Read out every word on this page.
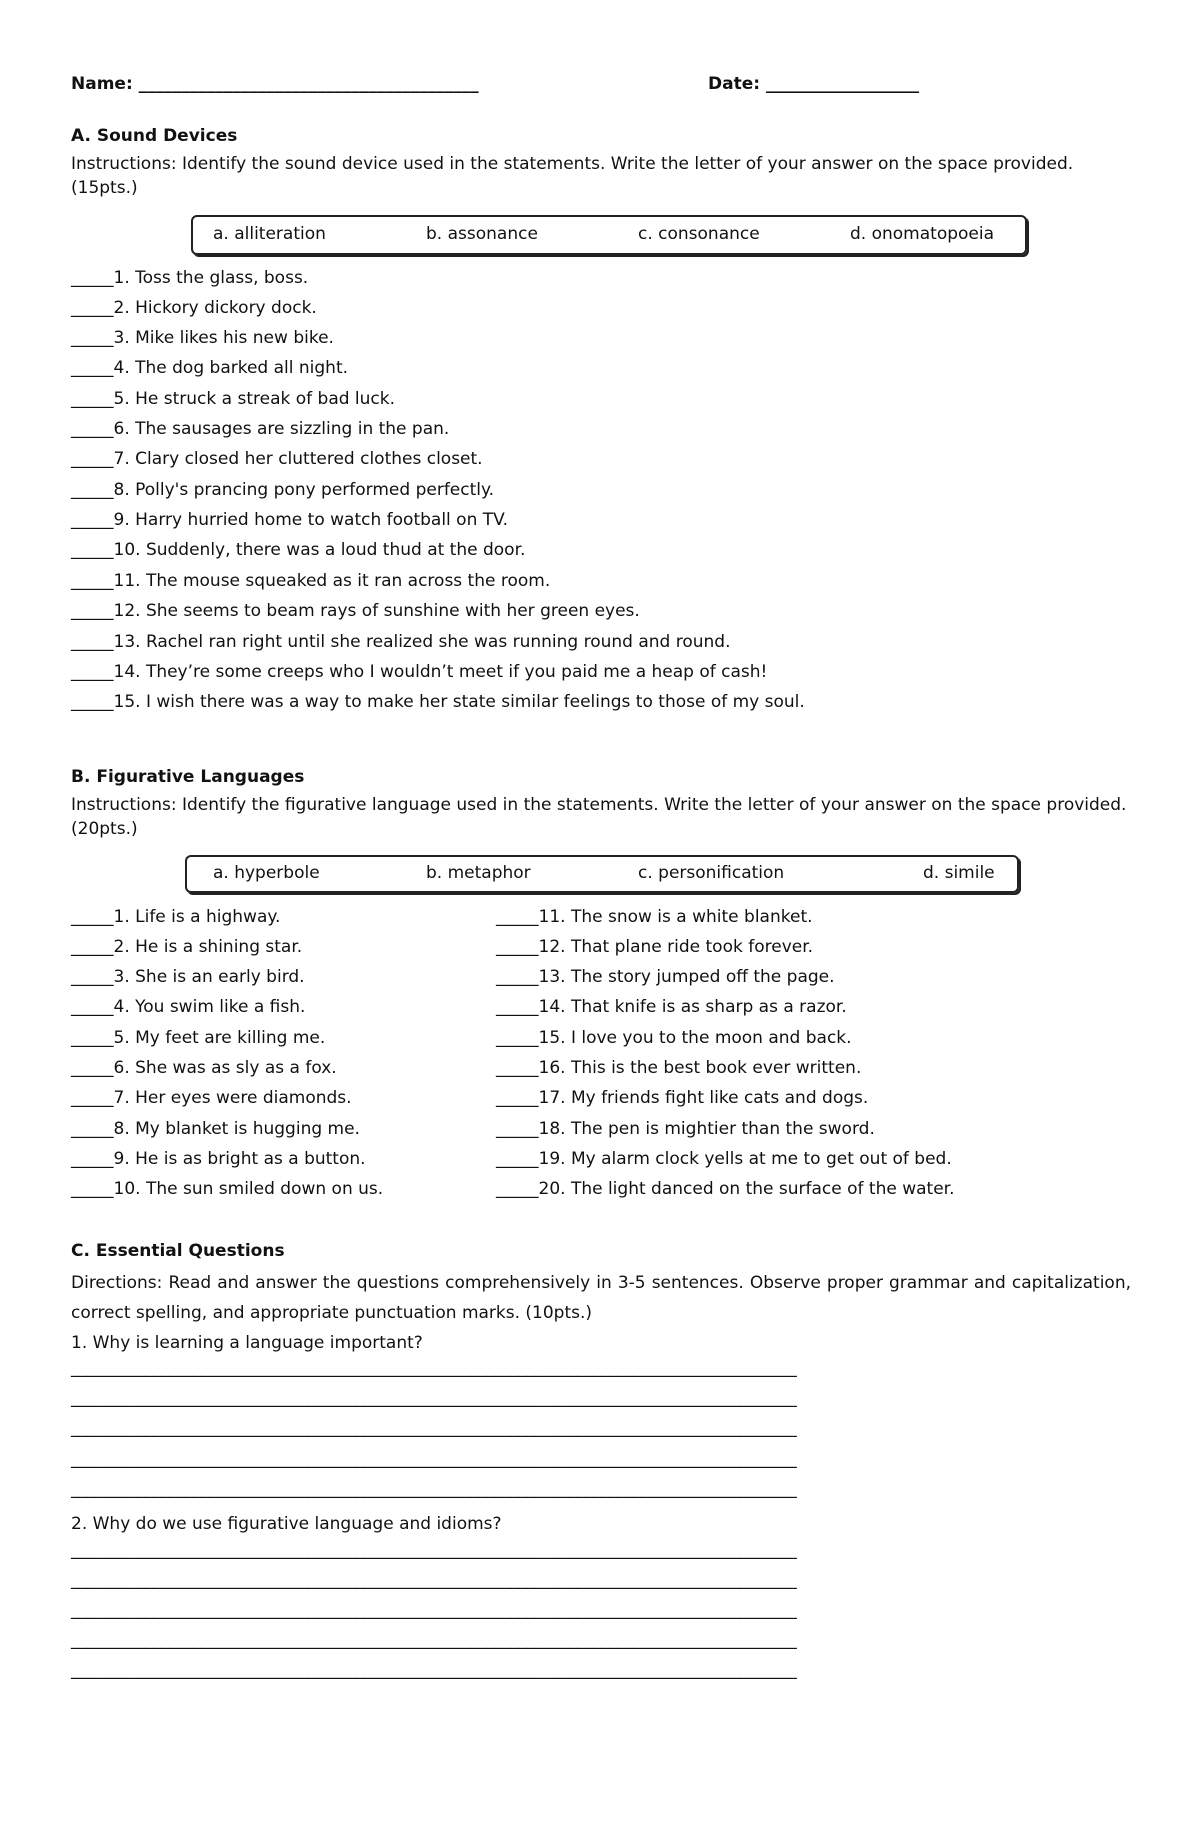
Name: ________________________________________	Date: __________________
A. Sound Devices
Instructions: Identify the sound device used in the statements. Write the letter of your answer on the space provided. (15pts.)
a. alliteration	b. assonance	c. consonance	d. onomatopoeia
_____1. Toss the glass, boss.
_____2. Hickory dickory dock.
_____3. Mike likes his new bike.
_____4. The dog barked all night.
_____5. He struck a streak of bad luck.
_____6. The sausages are sizzling in the pan.
_____7. Clary closed her cluttered clothes closet.
_____8. Polly's prancing pony performed perfectly.
_____9. Harry hurried home to watch football on TV.
_____10. Suddenly, there was a loud thud at the door.
_____11. The mouse squeaked as it ran across the room.
_____12. She seems to beam rays of sunshine with her green eyes.
_____13. Rachel ran right until she realized she was running round and round.
_____14. They’re some creeps who I wouldn’t meet if you paid me a heap of cash!
_____15. I wish there was a way to make her state similar feelings to those of my soul.
B. Figurative Languages
Instructions: Identify the figurative language used in the statements. Write the letter of your answer on the space provided. (20pts.)
a. hyperbole	b. metaphor	c. personification	d. simile
_____1. Life is a highway.
_____2. He is a shining star.
_____3. She is an early bird.
_____4. You swim like a fish.
_____5. My feet are killing me.
_____6. She was as sly as a fox.
_____7. Her eyes were diamonds.
_____8. My blanket is hugging me.
_____9. He is as bright as a button.
_____10. The sun smiled down on us.
_____11. The snow is a white blanket.
_____12. That plane ride took forever.
_____13. The story jumped off the page.
_____14. That knife is as sharp as a razor.
_____15. I love you to the moon and back.
_____16. This is the best book ever written.
_____17. My friends fight like cats and dogs.
_____18. The pen is mightier than the sword.
_____19. My alarm clock yells at me to get out of bed.
_____20. The light danced on the surface of the water.
C. Essential Questions
Directions: Read and answer the questions comprehensively in 3-5 sentences. Observe proper grammar and capitalization, correct spelling, and appropriate punctuation marks. (10pts.)
1. Why is learning a language important?
_________________________________________________________________________________________
_________________________________________________________________________________________
_________________________________________________________________________________________
_________________________________________________________________________________________
_________________________________________________________________________________________
2. Why do we use figurative language and idioms?
_________________________________________________________________________________________
_________________________________________________________________________________________
_________________________________________________________________________________________
_________________________________________________________________________________________
_________________________________________________________________________________________
